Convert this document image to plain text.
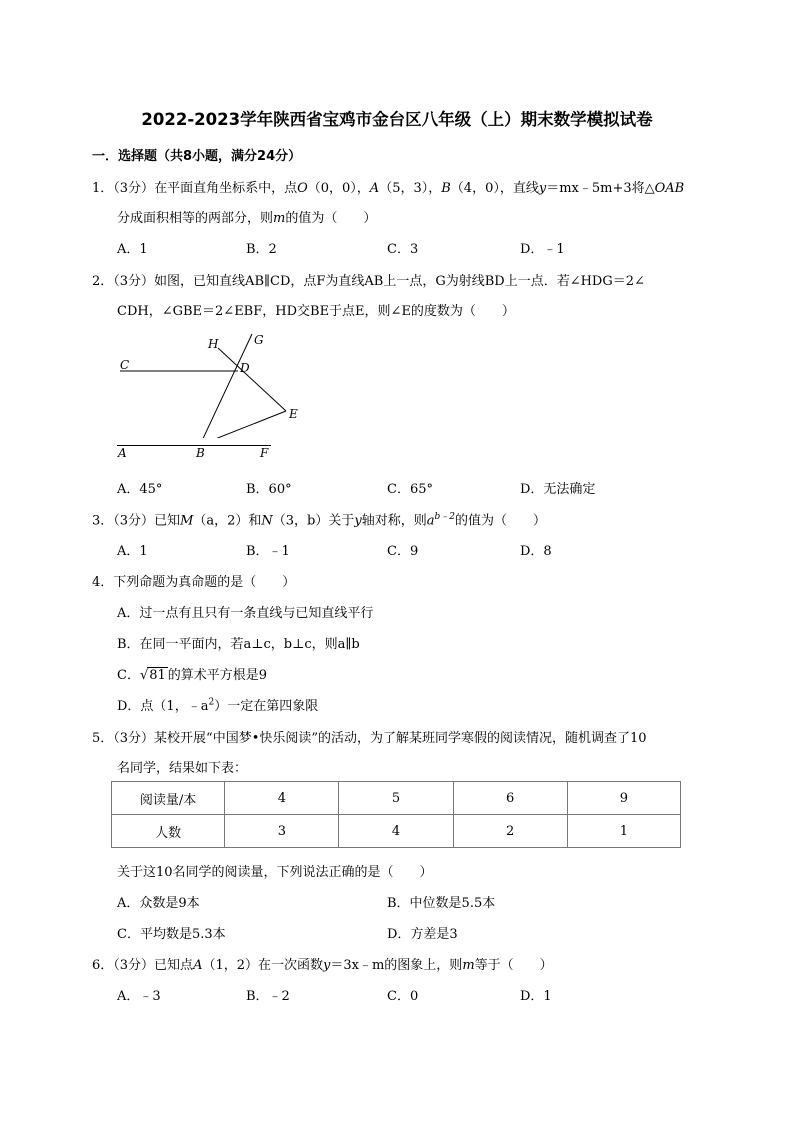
2022-2023学年陕西省宝鸡市金台区八年级（上）期末数学模拟试卷
一．选择题（共8小题，满分24分）
1．（3分）在平面直角坐标系中，点O（0，0），A（5，3），B（4，0），直线y＝mx﹣5m+3将△OAB
分成面积相等的两部分，则m的值为（　　）
A．1	B．2	C．3	D．﹣1
2．（3分）如图，已知直线AB∥CD，点F为直线AB上一点，G为射线BD上一点．若∠HDG＝2∠
CDH，∠GBE＝2∠EBF，HD交BE于点E，则∠E的度数为（　　）
H	G
C	D
E
A	B	F
A．45°	B．60°	C．65°	D．无法确定
3．（3分）已知M（a，2）和N（3，b）关于y轴对称，则$a^{b﹣2}$的值为（　　）
A．1	B．﹣1	C．9	D．8
4．下列命题为真命题的是（　　）
A．过一点有且只有一条直线与已知直线平行
B．在同一平面内，若a⊥c，b⊥c，则a∥b
C．√81 的算术平方根是9
D．点（1，$﹣a^2$）一定在第四象限
5．（3分）某校开展“中国梦•快乐阅读”的活动，为了解某班同学寒假的阅读情况，随机调查了10
名同学，结果如下表：
阅读量/本	4	5	6	9
人数	3	4	2	1
关于这10名同学的阅读量，下列说法正确的是（　　）
A．众数是9本	B．中位数是5.5本
C．平均数是5.3本	D．方差是3
6．（3分）已知点A（1，2）在一次函数y＝3x﹣m的图象上，则m等于（　　）
A．﹣3	B．﹣2	C．0	D．1
